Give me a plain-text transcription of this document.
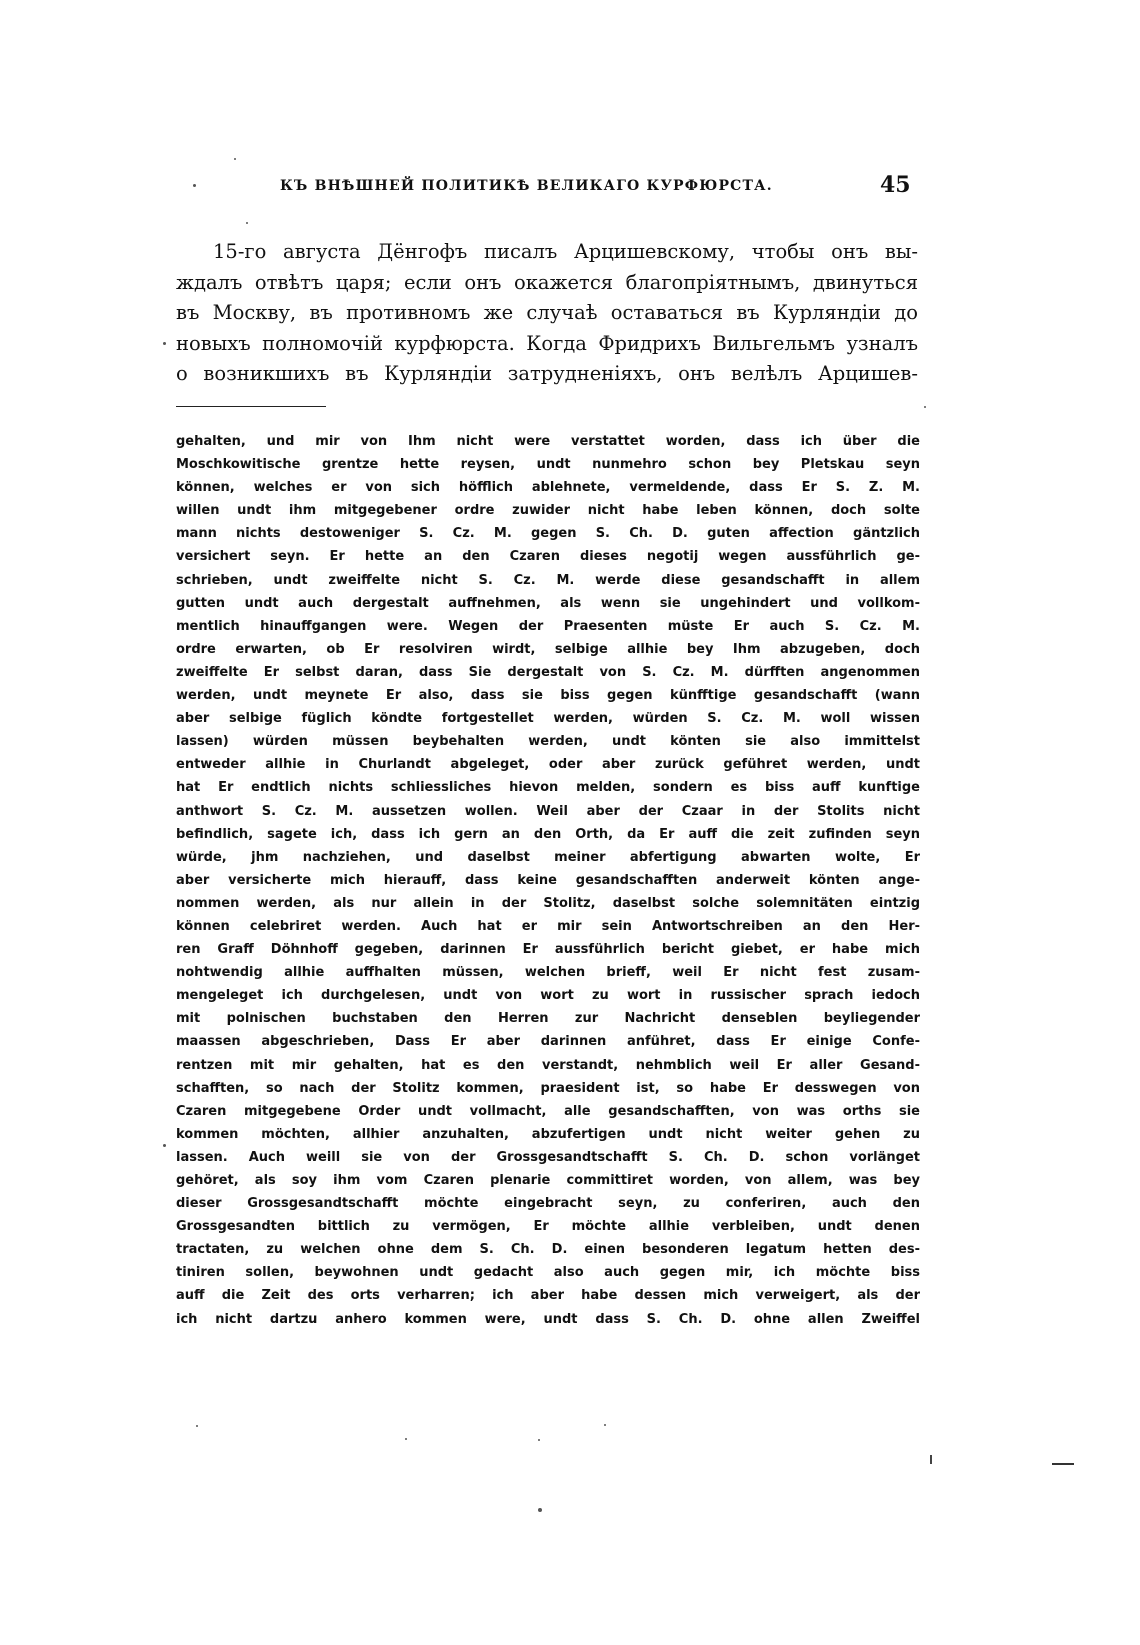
КЪ ВНѢШНЕЙ ПОЛИТИКѢ ВЕЛИКАГО КУРФЮРСТА.	45
15-го августа Дёнгофъ писалъ Арцишевскому, чтобы онъ вы-
ждалъ отвѣтъ царя; если онъ окажется благопріятнымъ, двинуться
въ Москву, въ противномъ же случаѣ оставаться въ Курляндіи до
новыхъ полномочій курфюрста. Когда Фридрихъ Вильгельмъ узналъ
о возникшихъ въ Курляндіи затрудненіяхъ, онъ велѣлъ Арцишев-
gehalten, und mir von Ihm nicht were verstattet worden, dass ich über die
Moschkowitische grentze hette reysen, undt nunmehro schon bey Pletskau seyn
können, welches er von sich höfflich ablehnete, vermeldende, dass Er S. Z. M.
willen undt ihm mitgegebener ordre zuwider nicht habe leben können, doch solte
mann nichts destoweniger S. Cz. M. gegen S. Ch. D. guten affection gäntzlich
versichert seyn. Er hette an den Czaren dieses negotij wegen aussführlich ge-
schrieben, undt zweiffelte nicht S. Cz. M. werde diese gesandschafft in allem
gutten undt auch dergestalt auffnehmen, als wenn sie ungehindert und vollkom-
mentlich hinauffgangen were. Wegen der Praesenten müste Er auch S. Cz. M.
ordre erwarten, ob Er resolviren wirdt, selbige allhie bey Ihm abzugeben, doch
zweiffelte Er selbst daran, dass Sie dergestalt von S. Cz. M. dürfften angenommen
werden, undt meynete Er also, dass sie biss gegen künfftige gesandschafft (wann
aber selbige füglich köndte fortgestellet werden, würden S. Cz. M. woll wissen
lassen) würden müssen beybehalten werden, undt könten sie also immittelst
entweder allhie in Churlandt abgeleget, oder aber zurück geführet werden, undt
hat Er endtlich nichts schliessliches hievon melden, sondern es biss auff kunftige
anthwort S. Cz. M. aussetzen wollen. Weil aber der Czaar in der Stolits nicht
befindlich, sagete ich, dass ich gern an den Orth, da Er auff die zeit zufinden seyn
würde, jhm nachziehen, und daselbst meiner abfertigung abwarten wolte, Er
aber versicherte mich hierauff, dass keine gesandschafften anderweit könten ange-
nommen werden, als nur allein in der Stolitz, daselbst solche solemnitäten eintzig
können celebriret werden. Auch hat er mir sein Antwortschreiben an den Her-
ren Graff Döhnhoff gegeben, darinnen Er aussführlich bericht giebet, er habe mich
nohtwendig allhie auffhalten müssen, welchen brieff, weil Er nicht fest zusam-
mengeleget ich durchgelesen, undt von wort zu wort in russischer sprach iedoch
mit polnischen buchstaben den Herren zur Nachricht denseblen beyliegender
maassen abgeschrieben, Dass Er aber darinnen anführet, dass Er einige Confe-
rentzen mit mir gehalten, hat es den verstandt, nehmblich weil Er aller Gesand-
schafften, so nach der Stolitz kommen, praesident ist, so habe Er desswegen von
Czaren mitgegebene Order undt vollmacht, alle gesandschafften, von was orths sie
kommen möchten, allhier anzuhalten, abzufertigen undt nicht weiter gehen zu
lassen. Auch weill sie von der Grossgesandtschafft S. Ch. D. schon vorlänget
gehöret, als soy ihm vom Czaren plenarie committiret worden, von allem, was bey
dieser Grossgesandtschafft möchte eingebracht seyn, zu conferiren, auch den
Grossgesandten bittlich zu vermögen, Er möchte allhie verbleiben, undt denen
tractaten, zu welchen ohne dem S. Ch. D. einen besonderen legatum hetten des-
tiniren sollen, beywohnen undt gedacht also auch gegen mir, ich möchte biss
auff die Zeit des orts verharren; ich aber habe dessen mich verweigert, als der
ich nicht dartzu anhero kommen were, undt dass S. Ch. D. ohne allen Zweiffel
